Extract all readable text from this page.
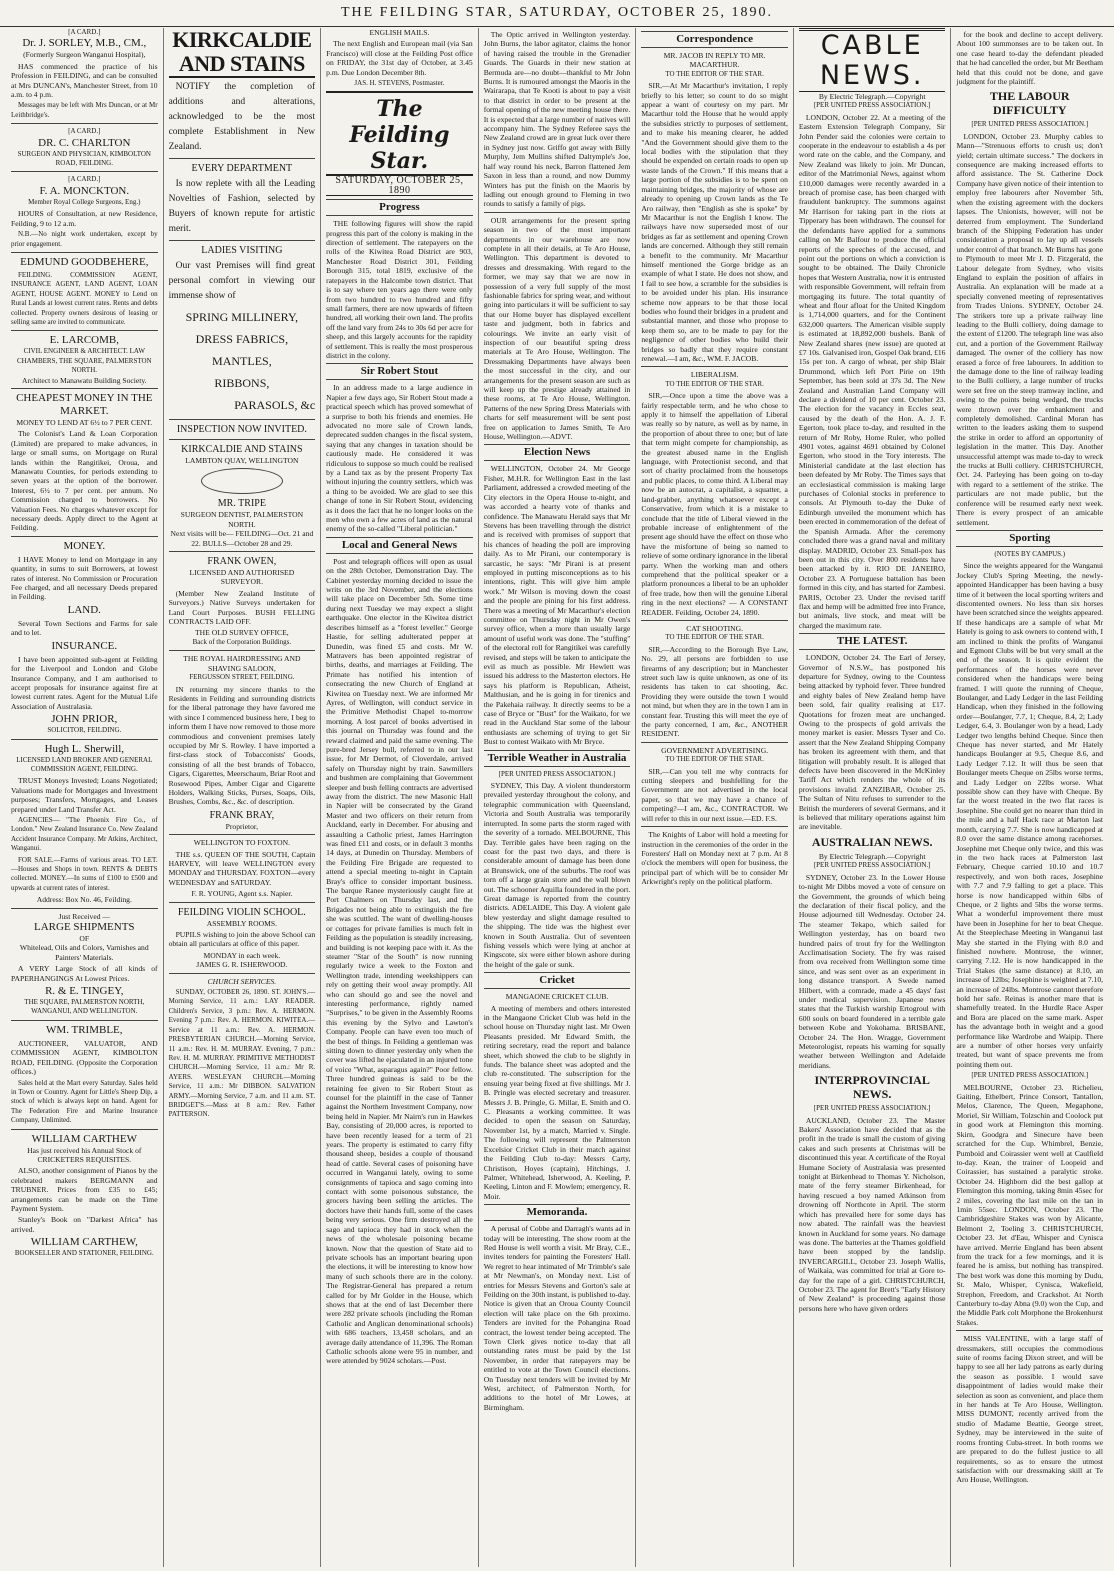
THE FEILDING STAR, SATURDAY, OCTOBER 25, 1890.
[A CARD.]
Dr. J. SORLEY, M.B., CM.,
(Formerly Surgeon Wanganui Hospital),

HAS commenced the practice of his Profession in FEILDING, and can be consulted at Mrs DUNCAN's, Manchester Street, from 10 a.m. to 4 p.m.

Messages may be left with Mrs Duncan, or at Mr Leithbridge's.

[A CARD.]
DR. C. CHARLTON
SURGEON AND PHYSICIAN, KIMBOLTON ROAD, FEILDING.
[A CARD.]
F. A. MONCKTON.
Member Royal College Surgeons, Eng.)

HOURS of Consultation, at new Residence, Feilding, 9 to 12 a.m.

N.B.—No night work undertaken, except by prior engagement.

EDMUND GOODBEHERE,

FEILDING. COMMISSION AGENT, INSURANCE AGENT, LAND AGENT, LOAN AGENT, HOUSE AGENT. MONEY to Lend on Rural Lands at lowest current rates. Rents and debts collected. Property owners desirous of leasing or selling same are invited to communicate.

E. LARCOMB,
CIVIL ENGINEER & ARCHITECT. LAW CHAMBERS, THE SQUARE, PALMERSTON NORTH.
Architect to Manawatu Building Society.
CHEAPEST MONEY IN THE MARKET.
MONEY TO LEND AT 6½ to 7 PER CENT.

The Colonist's Land & Loan Corporation (Limited) are prepared to make advances, in large or small sums, on Mortgage on Rural lands within the Rangitikei, Oroua, and Manawatu Counties, for periods extending to seven years at the option of the borrower. Interest, 6½ to 7 per cent. per annum. No Commission charged to borrowers. No Valuation Fees. No charges whatever except for necessary deeds. Apply direct to the Agent at Feilding.

MONEY.

I HAVE Money to lend on Mortgage in any quantity, in sums to suit Borrowers, at lowest rates of interest. No Commission or Procuration Fee charged, and all necessary Deeds prepared in Feilding.

LAND.

Several Town Sections and Farms for sale and to let.

INSURANCE.

I have been appointed sub-agent at Feilding for the Liverpool and London and Globe Insurance Company, and I am authorised to accept proposals for insurance against fire at lowest current rates. Agent for the Mutual Life Association of Australasia.

JOHN PRIOR,
SOLICITOR, FEILDING.
Hugh L. Sherwill,
LICENSED LAND BROKER AND GENERAL COMMISSION AGENT, FEILDING.

TRUST Moneys Invested; Loans Negotiated; Valuations made for Mortgages and Investment purposes; Transfers, Mortgages, and Leases prepared under Land Transfer Act.

AGENCIES— "The Phoenix Fire Co., of London." New Zealand Insurance Co. New Zealand Accident Insurance Company. Mr Atkins, Architect, Wanganui.

FOR SALE.—Farms of various areas. TO LET.—Houses and Shops in town. RENTS & DEBTS collected. MONEY.—In sums of £100 to £500 and upwards at current rates of interest.

Address: Box No. 46, Feilding.
Just Received —
LARGE SHIPMENTS
OF
Whitelead, Oils and Colors, Varnishes and Painters' Materials.

A VERY Large Stock of all kinds of PAPERHANGINGS At Lowest Prices.

R. & E. TINGEY,
THE SQUARE, PALMERSTON NORTH, WANGANUI, AND WELLINGTON.
WM. TRIMBLE,

AUCTIONEER, VALUATOR, AND COMMISSION AGENT, KIMBOLTON ROAD, FEILDING. (Opposite the Corporation offices.)

Sales held at the Mart every Saturday. Sales held in Town or Country. Agent for Little's Sheep Dip, a stock of which is always kept on hand. Agent for The Federation Fire and Marine Insurance Company, Unlimited.

WILLIAM CARTHEW
Has just received his Annual Stock of CRICKETERS REQUISITES.

ALSO, another consignment of Pianos by the celebrated makers BERGMANN and TRUBNER. Prices from £35 to £45; arrangements can be made on the Time Payment System.

Stanley's Book on "Darkest Africa" has arrived.

WILLIAM CARTHEW,
BOOKSELLER AND STATIONER, FEILDING.
KIRKCALDIE AND STAINS

NOTIFY the completion of additions and alterations, acknowledged to be the most complete Establishment in New Zealand.

EVERY DEPARTMENT

Is now replete with all the Leading Novelties of Fashion, selected by Buyers of known repute for artistic merit.

LADIES VISITING

Our vast Premises will find great personal comfort in viewing our immense show of

SPRING MILLINERY,
DRESS FABRICS,
MANTLES,
RIBBONS,
PARASOLS, &c
INSPECTION NOW INVITED.
KIRKCALDIE AND STAINS
LAMBTON QUAY, WELLINGTON
MR. TRIPE
SURGEON DENTIST, PALMERSTON NORTH.
Next visits will be— FEILDING—Oct. 21 and 22. BULLS—October 28 and 29.
FRANK OWEN,
LICENSED AND AUTHORISED SURVEYOR.

(Member New Zealand Institute of Surveyors.) Native Surveys undertaken for Land Court Purposes. BUSH FELLING CONTRACTS LAID OFF.

THE OLD SURVEY OFFICE,
Back of the Corporation Buildings.
THE ROYAL HAIRDRESSING AND SHAVING SALOON,
FERGUSSON STREET, FEILDING.

IN returning my sincere thanks to the Residents in Feilding and surrounding districts for the liberal patronage they have favored me with since I commenced business here, I beg to inform them I have now removed to those more commodious and convenient premises lately occupied by Mr S. Rowley. I have imported a first-class stock of Tobacconists' Goods, consisting of all the best brands of Tobacco, Cigars, Cigarettes, Meerschaum, Briar Root and Rosewood Pipes, Amber Cigar and Cigarette Holders, Walking Sticks, Purses, Soaps, Oils, Brushes, Combs, &c., &c. of description.

FRANK BRAY,
Proprietor,
WELLINGTON TO FOXTON.

THE s.s. QUEEN OF THE SOUTH, Captain HARVEY, will leave WELLINGTON every MONDAY and THURSDAY. FOXTON—every WEDNESDAY and SATURDAY.

F. R. YOUNG, Agent s.s. Napier.
FEILDING VIOLIN SCHOOL.
ASSEMBLY ROOMS.

PUPILS wishing to join the above School can obtain all particulars at office of this paper.

MONDAY in each week.
JAMES G. R. ISHERWOOD.
CHURCH SERVICES.

SUNDAY, OCTOBER 26, 1890. ST. JOHN'S.—Morning Service, 11 a.m.: LAY READER. Children's Service, 3 p.m.: Rev. A. HERMON. Evening 7 p.m.: Rev. A. HERMON. KIWITEA.—Service at 11 a.m.: Rev. A. HERMON. PRESBYTERIAN CHURCH.—Morning Service, 11 a.m.: Rev. H. M. MURRAY. Evening, 7 p.m.: Rev. H. M. MURRAY. PRIMITIVE METHODIST CHURCH.—Morning Service, 11 a.m.: Mr R. AYERS. WESLEYAN CHURCH.—Morning Service, 11 a.m.: Mr DIBBON. SALVATION ARMY.—Morning Service, 7 a.m. and 11 a.m. ST. BRIDGET'S.—Mass at 8 a.m.: Rev. Father PATTERSON.

ENGLISH MAILS.

The next English and European mail (via San Francisco) will close at the Feilding Post office on FRIDAY, the 31st day of October, at 3.45 p.m. Due London December 8th.

JAS. H. STEVENS, Postmaster.
The Feilding Star.
SATURDAY, OCTOBER 25, 1890
Progress

THE following figures will show the rapid progress this part of the colony is making in the direction of settlement. The ratepayers on the rolls of the Kiwitea Road District are 903, Manchester Road District 301, Feilding Borough 315, total 1819, exclusive of the ratepayers in the Halcombe town district. That is to say where ten years ago there were only from two hundred to two hundred and fifty small farmers, there are now upwards of fifteen hundred, all working their own land. The profits off the land vary from 24s to 30s 6d per acre for sheep, and this largely accounts for the rapidity of settlement. This is really the most prosperous district in the colony.

Sir Robert Stout

In an address made to a large audience in Napier a few days ago, Sir Robert Stout made a practical speech which has proved somewhat of a surprise to both his friends and enemies. He advocated no more sale of Crown lands, deprecated sudden changes in the fiscal system, saying that any changes in taxation should be cautiously made. He considered it was ridiculous to suppose so much could be realised by a Land tax as by the present Property Tax without injuring the country settlers, which was a thing to be avoided. We are glad to see this change of tone in Sir Robert Stout, evidencing as it does the fact that he no longer looks on the men who own a few acres of land as the natural enemy of the so-called "Liberal politician."

Local and General News

Post and telegraph offices will open as usual on the 28th October, Demonstration Day. The Cabinet yesterday morning decided to issue the writs on the 3rd November, and the elections will take place on December 5th. Some time during next Tuesday we may expect a slight earthquake. One elector in the Kiwitea district describes himself as a "forest leveller." George Hastie, for selling adulterated pepper at Dunedin, was fined £5 and costs. Mr W. Matravers has been appointed registrar of births, deaths, and marriages at Feilding. The Primate has notified his intention of consecrating the new Church of England at Kiwitea on Tuesday next. We are informed Mr Ayres, of Wellington, will conduct service in the Primitive Methodist Chapel to-morrow morning. A lost parcel of books advertised in this journal on Thursday was found and the reward claimed and paid the same evening. The pure-bred Jersey bull, referred to in our last issue, for Mr Dermot, of Cloverdale, arrived safely on Thursday night by train. Sawmillers and bushmen are complaining that Government sleeper and bush felling contracts are advertised away from the district. The new Masonic Hall in Napier will be consecrated by the Grand Master and two officers on their return from Auckland, early in December. For abusing and assaulting a Catholic priest, James Harrington was fined £11 and costs, or in default 3 months 14 days, at Dunedin on Thursday. Members of the Feilding Fire Brigade are requested to attend a special meeting to-night in Captain Bray's office to consider important business. The barque Ranee mysteriously caught fire at Port Chalmers on Thursday last, and the Brigades not being able to extinguish the fire she was scuttled. The want of dwelling-houses or cottages for private families is much felt in Feilding as the population is steadily increasing, and building is not keeping pace with it. As the steamer "Star of the South" is now running regularly twice a week to the Foxton and Wellington trade, intending weekshippers can rely on getting their wool away promptly. All who can should go and see the novel and interesting performance, rightly named "Surprises," to be given in the Assembly Rooms this evening by the Sylvo and Lawton's Company. People can have even too much of the best of things. In Feilding a gentleman was sitting down to dinner yesterday only when the cover was lifted he ejaculated in an injured tone of voice "What, asparagus again?" Poor fellow. Three hundred guineas is said to be the retaining fee given to Sir Robert Stout as counsel for the plaintiff in the case of Tanner against the Northern Investment Company, now being held in Napier. Mr Nairn's run in Hawkes Bay, consisting of 20,000 acres, is reported to have been recently leased for a term of 21 years. The property is estimated to carry fifty thousand sheep, besides a couple of thousand head of cattle. Several cases of poisoning have occurred in Wanganui lately, owing to some consignments of tapioca and sago coming into contact with some poisonous substance, the grocers having been selling the articles. The doctors have their hands full, some of the cases being very serious. One firm destroyed all the sago and tapioca they had in stock when the news of the wholesale poisoning became known. Now that the question of State aid to private schools has an important bearing upon the elections, it will be interesting to know how many of such schools there are in the colony. The Registrar-General has prepared a return called for by Mr Golder in the House, which shows that at the end of last December there were 282 private schools (including the Roman Catholic and Anglican denominational schools) with 686 teachers, 13,458 scholars, and an average daily attendance of 11,396. The Roman Catholic schools alone were 95 in number, and were attended by 9024 scholars.—Post.

The Optic arrived in Wellington yesterday. John Burns, the labor agitator, claims the honor of having raised the trouble in the Grenadier Guards. The Guards in their new station at Bermuda are—no doubt—thankful to Mr John Burns. It is rumoured amongst the Maoris in the Wairarapa, that Te Kooti is about to pay a visit to that district in order to be present at the formal opening of the new meeting house there. It is expected that a large number of natives will accompany him. The Sydney Referee says the New Zealand crowd are in great luck over there in Sydney just now. Griffo got away with Billy Murphy, Jem Mullins shifted Daltymple's Joe, half way round his neck, Barron flattened Jem Saxon in less than a round, and now Dummy Winters has put the finish on the Maoris by ladling out enough ground to Fleming in two rounds to satisfy a family of pigs.

OUR arrangements for the present spring season in two of the most important departments in our warehouse are now complete in all their details, at Te Aro House, Wellington. This department is devoted to dresses and dressmaking. With regard to the former, we may say that we are now in possession of a very full supply of the most fashionable fabrics for spring wear, and without going into particulars it will be sufficient to say that our Home buyer has displayed excellent taste and judgment, both in fabrics and colourings. We invite an early visit of inspection of our beautiful spring dress materials at Te Aro House, Wellington. The Dressmaking Departments have always been the most successful in the city, and our arrangements for the present season are such as will keep up the prestige already attained in these rooms, at Te Aro House, Wellington. Patterns of the new Spring Dress Materials with charts for self measurement will be sent post free on application to James Smith, Te Aro House, Wellington.—ADVT.

Election News

WELLINGTON, October 24. Mr George Fisher, M.H.R. for Wellington East in the last Parliament, addressed a crowded meeting of the City electors in the Opera House to-night, and was accorded a hearty vote of thanks and confidence. The Manawatu Herald says that Mr Stevens has been travelling through the district and is received with promises of support that his chances of heading the poll are improving daily. As to Mr Pirani, our contemporary is sarcastic, he says: "Mr Pirani is at present employed in putting misconceptions as to his intentions, right. This will give him ample work." Mr Wilson is moving down the coast and the people are pining for his first address. There was a meeting of Mr Macarthur's election committee on Thursday night in Mr Owen's survey office, when a more than usually large amount of useful work was done. The "stuffing" of the electoral roll for Rangitikei was carefully revised, and steps will be taken to anticipate the evil as much as possible. Mr Hewlett was issued his address to the Masterton electors. He says his platform is Republican, Atheist, Malthusian, and he is going in for tirenics and the Pakehaia railway. It directly seems to be a case of Bryce or "Bust" for the Waikato, for we read in the Auckland Star some of the labour enthusiasts are scheming of trying to get Sir Bust to contest Waikato with Mr Bryce.

Terrible Weather in Australia
[PER UNITED PRESS ASSOCIATION.]

SYDNEY, This Day. A violent thunderstorm prevailed yesterday throughout the colony, and telegraphic communication with Queensland, Victoria and South Australia was temporarily interrupted. In some parts the storm raged with the severity of a tornado. MELBOURNE, This Day. Terrible gales have been raging on the coast for the past two days, and there is considerable amount of damage has been done at Brunswick, one of the suburbs. The roof was torn off a large grain store and the wall blown out. The schooner Aquilla foundered in the port. Great damage is reported from the country districts. ADELAIDE, This Day. A violent gale blew yesterday and slight damage resulted to the shipping. The tide was the highest ever known in South Australia. Out of seventeen fishing vessels which were lying at anchor at Kingscote, six were either blown ashore during the height of the gale or sunk.

Cricket
MANGAONE CRICKET CLUB.

A meeting of members and others interested in the Mangaone Cricket Club was held in the school house on Thursday night last. Mr Owen Pleasants presided. Mr Edward Smith, the retiring secretary, read the report and balance sheet, which showed the club to be slightly in funds. The balance sheet was adopted and the club re-constituted. The subscription for the ensuing year being fixed at five shillings. Mr J. B. Pringle was elected secretary and treasurer. Messrs J. B. Pringle, G. Millar, E. Smith and O. C. Pleasants a working committee. It was decided to open the season on Saturday, November 1st, by a match, Married v. Single. The following will represent the Palmerston Excelsior Cricket Club in their match against the Feilding Club to-day: Messrs Carty, Christison, Hoyes (captain), Hitchings, J. Palmer, Whitehead, Isherwood, A. Keeling, P. Keeling, Linton and F. Mowlem; emergency, R. Moir.

Memoranda.

A perusal of Cobbe and Darragh's wants ad in today will be interesting. The show room at the Red House is well worth a visit. Mr Bray, C.E., invites tenders for painting the Foresters' Hall. We regret to hear intimated of Mr Trimble's sale at Mr Newman's, on Monday next. List of entries for Messrs Stevens and Gorton's sale at Feilding on the 30th instant, is published to-day. Notice is given that an Oroua County Council election will take place on the 6th proximo. Tenders are invited for the Pohangina Road contract, the lowest tender being accepted. The Town Clerk gives notice to-day that all outstanding rates must be paid by the 1st November, in order that ratepayers may be entitled to vote at the Town Council elections. On Tuesday next tenders will be invited by Mr West, architect, of Palmerston North, for additions to the hotel of Mr Lowes, at Birmingham.

Correspondence
MR. JACOB IN REPLY TO MR. MACARTHUR.
TO THE EDITOR OF THE STAR.

SIR,—At Mr Macarthur's invitation, I reply briefly to his letter; so count to do so might appear a want of courtesy on my part. Mr Macarthur told the House that he would apply the subsidies strictly to purposes of settlement, and to make his meaning clearer, he added "And the Government should give them to the local bodies with the stipulation that they should be expended on certain roads to open up waste lands of the Crown." If this means that a large portion of the subsidies is to be spent on maintaining bridges, the majority of whose are already to opening up Crown lands as the Te Aro railway, then "English as she is spoke" by Mr Macarthur is not the English I know. The railways have now superseded most of our bridges as far as settlement and opening Crown lands are concerned. Although they still remain a benefit to the community. Mr Macarthur himself mentioned the Gorge bridge as an example of what I state. He does not show, and I fail to see how, a scramble for the subsidies is to be avoided under his plan. His insurance scheme now appears to be that those local bodies who found their bridges in a prudent and substantial manner, and those who propose to keep them so, are to be made to pay for the negligence of other bodies who build their bridges so badly that they require constant renewal.—I am, &c., WM. F. JACOB.

LIBERALISM.
TO THE EDITOR OF THE STAR.

SIR,—Once upon a time the above was a fairly respectable term, and he who chose to apply it to himself the appellation of Liberal was really so by nature, as well as by name, in the proportion of about three to one; but of late that term might compete for championship, as the greatest abused name in the English language, with Protectionist second, and that sort of charity proclaimed from the housetops and public places, to come third. A Liberal may now be an autocrat, a capitalist, a squatter, a land-grabber, anything whatsoever except a Conservative, from which it is a mistake to conclude that the title of Liberal viewed in the probable increase of enlightenment of the present age should have the effect on those who have the misfortune of being so named to relieve of some ordinary ignorance in the liberal party. When the working man and others comprehend that the political speaker or a platform pronounces a liberal to be an upholder of free trade, how then will the genuine Liberal ring in the next elections? — A CONSTANT READER. Feilding, October 24, 1890.

CAT SHOOTING.
TO THE EDITOR OF THE STAR.

SIR,—According to the Borough Bye Law, No. 29, all persons are forbidden to use firearms of any description; but in Manchester street such law is quite unknown, as one of its residents has taken to cat shooting, &c. Providing they were outside the town I would not mind, but when they are in the town I am in constant fear. Trusting this will meet the eye of the party concerned, I am, &c., ANOTHER RESIDENT.

GOVERNMENT ADVERTISING.
TO THE EDITOR OF THE STAR.

SIR,—Can you tell me why contracts for cutting sleepers and bushfelling for the Government are not advertised in the local paper, so that we may have a chance of competing?—I am, &c., CONTRACTOR. We will refer to this in our next issue.—ED. F.S.

The Knights of Labor will hold a meeting for instruction in the ceremonies of the order in the Foresters' Hall on Monday next at 7 p.m. At 8 o'clock the members will open for business, the principal part of which will be to consider Mr Arkwright's reply on the political platform.

CABLE NEWS.
By Electric Telegraph.—Copyright
[PER UNITED PRESS ASSOCIATION.]

LONDON, October 22. At a meeting of the Eastern Extension Telegraph Company, Sir John Pender said the colonies were certain to cooperate in the endeavour to establish a 4s per word rate on the cable, and the Company, and New Zealand was likely to join. Mr Duncan, editor of the Matrimonial News, against whom £10,000 damages were recently awarded in a breach of promise case, has been charged with fraudulent bankruptcy. The summons against Mr Harrison for taking part in the riots at Tipperary has been withdrawn. The counsel for the defendants have applied for a summons calling on Mr Balfour to produce the official reports of the speeches of the accused, and point out the portions on which a conviction is sought to be obtained. The Daily Chronicle hopes that Western Australia, now it is entrusted with responsible Government, will refrain from mortgaging its future. The total quantity of wheat and flour afloat for the United Kingdom is 1,714,000 quarters, and for the Continent 632,000 quarters. The American visible supply is estimated at 18,892,000 bushels. Bank of New Zealand shares (new issue) are quoted at £7 10s. Galvanised iron, Gospel Oak brand, £16 15s per ton. A cargo of wheat, per ship Blair Drummond, which left Port Pirie on 19th September, has been sold at 37s 3d. The New Zealand and Australian Land Company will declare a dividend of 10 per cent. October 23. The election for the vacancy in Eccles seat, caused by the death of the Hon. A. J. F. Egerton, took place to-day, and resulted in the return of Mr Roby, Home Ruler, who polled 4901 votes, against 4691 obtained by Colonel Egerton, who stood in the Tory interests. The Ministerial candidate at the last election has been defeated by Mr Roby. The Times says that an ecclesiastical commission is making large purchases of Colonial stocks in preference to consols. At Plymouth to-day the Duke of Edinburgh unveiled the monument which has been erected in commemoration of the defeat of the Spanish Armada. After the ceremony concluded there was a grand naval and military display. MADRID, October 23. Small-pox has been out in this city. Over 800 residents have been attacked by it. RIO DE JANEIRO, October 23. A Portuguese battalion has been formed in this city, and has started for Zambesi. PARIS, October 23. Under the revised tariff flax and hemp will be admitted free into France, but animals, live stock, and meat will be charged the maximum rate.

THE LATEST.

LONDON, October 24. The Earl of Jersey, Governor of N.S.W., has postponed his departure for Sydney, owing to the Countess being attacked by typhoid fever. Three hundred and eighty bales of New Zealand hemp have been sold, fair quality realising at £17. Quotations for frozen meat are unchanged. Owing to the prospects of gold arrivals the money market is easier. Messrs Tyser and Co. assert that the New Zealand Shipping Company has broken its agreement with them, and that litigation will probably result. It is alleged that defects have been discovered in the McKinley Tariff Act which renders the whole of its provisions invalid. ZANZIBAR, October 25. The Sultan of Nitu refuses to surrender to the British the murderers of several Germans, and it is believed that military operations against him are inevitable.

AUSTRALIAN NEWS.
By Electric Telegraph.—Copyright
[PER UNITED PRESS ASSOCIATION.]

SYDNEY, October 23. In the Lower House to-night Mr Dibbs moved a vote of censure on the Government, the grounds of which being the declaration of their fiscal policy, and the House adjourned till Wednesday. October 24. The steamer Tekapo, which sailed for Wellington yesterday, has on board two hundred pairs of trout fry for the Wellington Acclimatisation Society. The fry was raised from ova received from Wellington some time since, and was sent over as an experiment in long distance transport. A Swede named Hilbert, with a comrade, made a 45 days' fast under medical supervision. Japanese news states that the Turkish warship Ertogroul with 600 souls on board foundered in a terrible gale between Kobe and Yokohama. BRISBANE, October 24. The Hon. Wragge, Government Meteorologist, repeats his warning for squally weather between Wellington and Adelaide meridians.

INTERPROVINCIAL NEWS.
[PER UNITED PRESS ASSOCIATION.]

AUCKLAND, October 23. The Master Bakers' Association have decided that as the profit in the trade is small the custom of giving cakes and such presents at Christmas will be discontinued this year. A certificate of the Royal Humane Society of Australasia was presented tonight at Birkenhead to Thomas Y. Nicholson, mate of the ferry steamer Birkenhead, for having rescued a boy named Atkinson from drowning off Northcote in April. The storm which has prevailed here for some days has now abated. The rainfall was the heaviest known in Auckland for some years. No damage was done. The batteries at the Thames goldfield have been stopped by the landslip. INVERCARGILL, October 23. Joseph Wallis, of Waikaia, was committed for trial at Gore to-day for the rape of a girl. CHRISTCHURCH, October 23. The agent for Brett's "Early History of New Zealand" is proceeding against those persons here who have given orders

for the book and decline to accept delivery. About 100 summonses are to be taken out. In one case heard to-day the defendant pleaded that he had cancelled the order, but Mr Beetham held that this could not be done, and gave judgment for the plaintiff.

THE LABOUR DIFFICULTY
[PER UNITED PRESS ASSOCIATION.]

LONDON, October 23. Murphy cables to Mann—"Strenuous efforts to crush us; don't yield; certain ultimate success." The dockers in consequence are making increased efforts to afford assistance. The St. Catherine Dock Company have given notice of their intention to employ free labourers after November 5th, when the existing agreement with the dockers lapses. The Unionists, however, will not be deterred from employment. The Sunderland branch of the Shipping Federation has under consideration a proposal to lay up all vessels under control of that branch. Mr Burns has gone to Plymouth to meet Mr J. D. Fitzgerald, the Labour delegate from Sydney, who visits England to explain the position of affairs in Australia. An explanation will be made at a specially convened meeting of representatives from Trades Unions. SYDNEY, October 24. The strikers tore up a private railway line leading to the Bulli colliery, doing damage to the extent of £1200. The telegraph line was also cut, and a portion of the Government Railway damaged. The owner of the colliery has now erased a force of free labourers. In addition to the damage done to the line of railway leading to the Bulli colliery, a large number of trucks were set free on the steep tramway incline, and owing to the points being wedged, the trucks were thrown over the embankment and completely demolished. Cardinal Moran has written to the leaders asking them to suspend the strike in order to afford an opportunity of legislation in the matter. This Day. Another unsuccessful attempt was made to-day to wreck the trucks at Bulli colliery. CHRISTCHURCH, Oct. 24. Parleying has been going on to-day with regard to a settlement of the strike. The particulars are not made public, but the conference will be resumed early next week. There is every prospect of an amicable settlement.

Sporting
(NOTES BY CAMPUS.)

Since the weights appeared for the Wanganui Jockey Club's Spring Meeting, the newly-appointed Handicapper has been having a busy time of it between the local sporting writers and discontented owners. No less than six horses have been scratched since the weights appeared. If these handicaps are a sample of what Mr Hately is going to ask owners to contend with, I am inclined to think the profits of Wanganui and Egmont Clubs will be but very small at the end of the season. It is quite evident the performances of the horses were never considered when the handicaps were being framed. I will quote the running of Cheque, Boulanger, and Lady Ledger in the last Feilding Handicap, when they finished in the following order—Boulanger, 7.7, 1; Cheque, 8.4, 2; Lady Ledger, 6.4, 3. Boulanger won by a head, Lady Ledger two lengths behind Cheque. Since then Cheque has never started, and Mr Hately handicaps Boulanger at 9.5, Cheque 8.6, and Lady Ledger 7.12. It will thus be seen that Boulanger meets Cheque on 25lbs worse terms, and Lady Ledger on 22lbs worse. What possible show can they have with Cheque. By far the worst treated in the two flat races is Josephine. She could get no nearer than third in the mile and a half Hack race at Marton last month, carrying 7.7. She is now handicapped at 8.0 over the same distance among racehorses. Josephine met Cheque only twice, and this was in the two hack races at Palmerston last February, Cheque carried 10.10 and 10.7 respectively, and won both races, Josephine with 7.7 and 7.9 falling to get a place. This horse is now handicapped within 6lbs of Cheque, or 2 lights and 5lbs the worse terms. What a wonderful improvement there must have been in Josephine for her to beat Cheque. At the Steeplechase Meeting in Wanganui last May she started in the Flying with 8.0 and finished nowhere. Montrose, the winner, carrying 7.12. He is now handicapped in the Trial Stakes (the same distance) at 8.10, an increase of 12lbs; Josephine is weighted at 7.10, an increase of 24lbs. Montrose cannot therefore hold her safe. Reinas is another mare that is shamefully treated. In the Hurdle Race Asper and Bora are placed on the same mark. Asper has the advantage both in weight and a good performance like Wardrobe and Waipip. There are a number of other horses very unfairly treated, but want of space prevents me from pointing them out.

[PER UNITED PRESS ASSOCIATION.]

MELBOURNE, October 23. Richelieu, Gaiting, Ethelbert, Prince Consort, Tantallon, Melos, Clarence, The Queen, Megaphone, Moriel, Sir William, Tolzschin and Coolock put in good work at Flemington this morning. Skirn, Goodgra and Sinecure have been scratched for the Cup. Whimbrel, Benzie, Pumboid and Coirassier went well at Caulfield to-day. Kean, the trainer of Loopeid and Coirassier, has sustained a paralytic stroke. October 24. Highborn did the best gallop at Flemington this morning, taking 8min 45sec for 2 miles, covering the last mile on the tan in 1min 55sec. LONDON, October 23. The Cambridgeshire Stakes was won by Alicante, Belmont 2, Toeling 3. CHRISTCHURCH, October 23. Jet d'Eau, Whisper and Cynisca have arrived. Merrie England has been absent from the track for a few mornings, and it is feared he is amiss, but nothing has transpired. The best work was done this morning by Dudu, St. Malo, Whisper, Cynisca, Wakefield, Strephon, Freedom, and Crackshot. At North Canterbury to-day Abna (9.0) won the Cup, and the Middle Park colt Morphone the Brokenhurst Stakes.

MISS VALENTINE, with a large staff of dressmakers, still occupies the commodious suite of rooms facing Dixon street, and will be happy to see all her lady patrons as early during the season as possible. I would save disappointment of ladies would make their selection as soon as convenient, and place them in her hands at Te Aro House, Wellington. MISS DUMONT, recently arrived from the studio of Madame Beattie, George street, Sydney, may be interviewed in the suite of rooms fronting Cuba-street. In both rooms we are prepared to do the fullest justice to all requirements, so as to ensure the utmost satisfaction with our dressmaking skill at Te Aro House, Wellington.
